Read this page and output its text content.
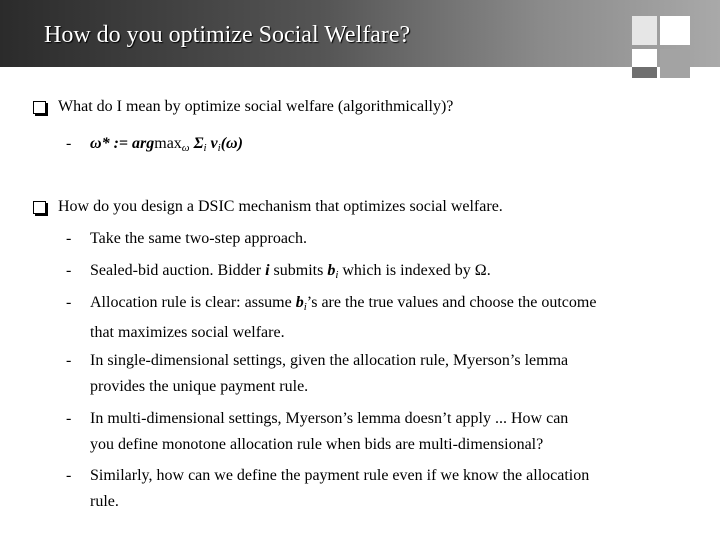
How do you optimize Social Welfare?
What do I mean by optimize social welfare (algorithmically)?
- ω* := argmaxω Σi vi(ω)
How do you design a DSIC mechanism that optimizes social welfare.
- Take the same two-step approach.
- Sealed-bid auction. Bidder i submits bi which is indexed by Ω.
- Allocation rule is clear: assume bi’s are the true values and choose the outcome
that maximizes social welfare.
- In single-dimensional settings, given the allocation rule, Myerson’s lemma
provides the unique payment rule.
- In multi-dimensional settings, Myerson’s lemma doesn’t apply ... How can
you define monotone allocation rule when bids are multi-dimensional?
- Similarly, how can we define the payment rule even if we know the allocation
rule.
